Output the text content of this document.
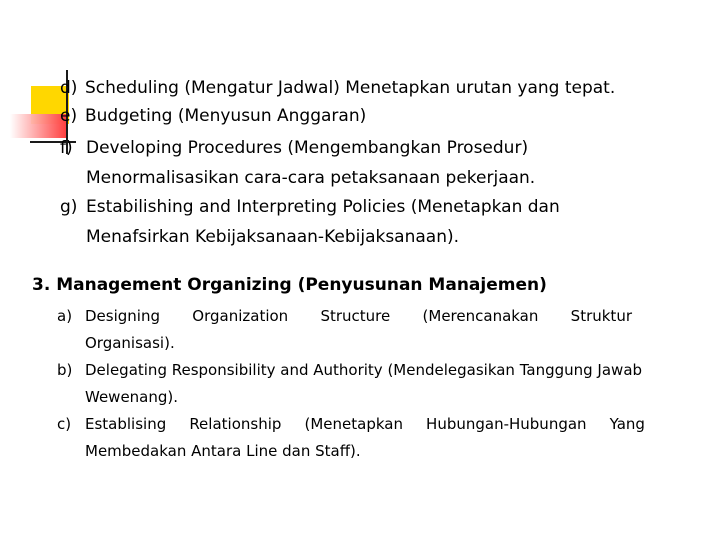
d) Scheduling (Mengatur Jadwal) Menetapkan urutan yang tepat.
e) Budgeting (Menyusun Anggaran)
f) Developing Procedures (Mengembangkan Prosedur)
Menormalisasikan cara-cara petaksanaan pekerjaan.
g) Estabilishing and Interpreting Policies (Menetapkan dan
Menafsirkan Kebijaksanaan-Kebijaksanaan).
3. Management Organizing (Penyusunan Manajemen)
a) Designing Organization Structure (Merencanakan Struktur
Organisasi).
b) Delegating Responsibility and Authority (Mendelegasikan Tanggung Jawab
Wewenang).
c) Establising Relationship (Menetapkan Hubungan-Hubungan Yang
Membedakan Antara Line dan Staff).
